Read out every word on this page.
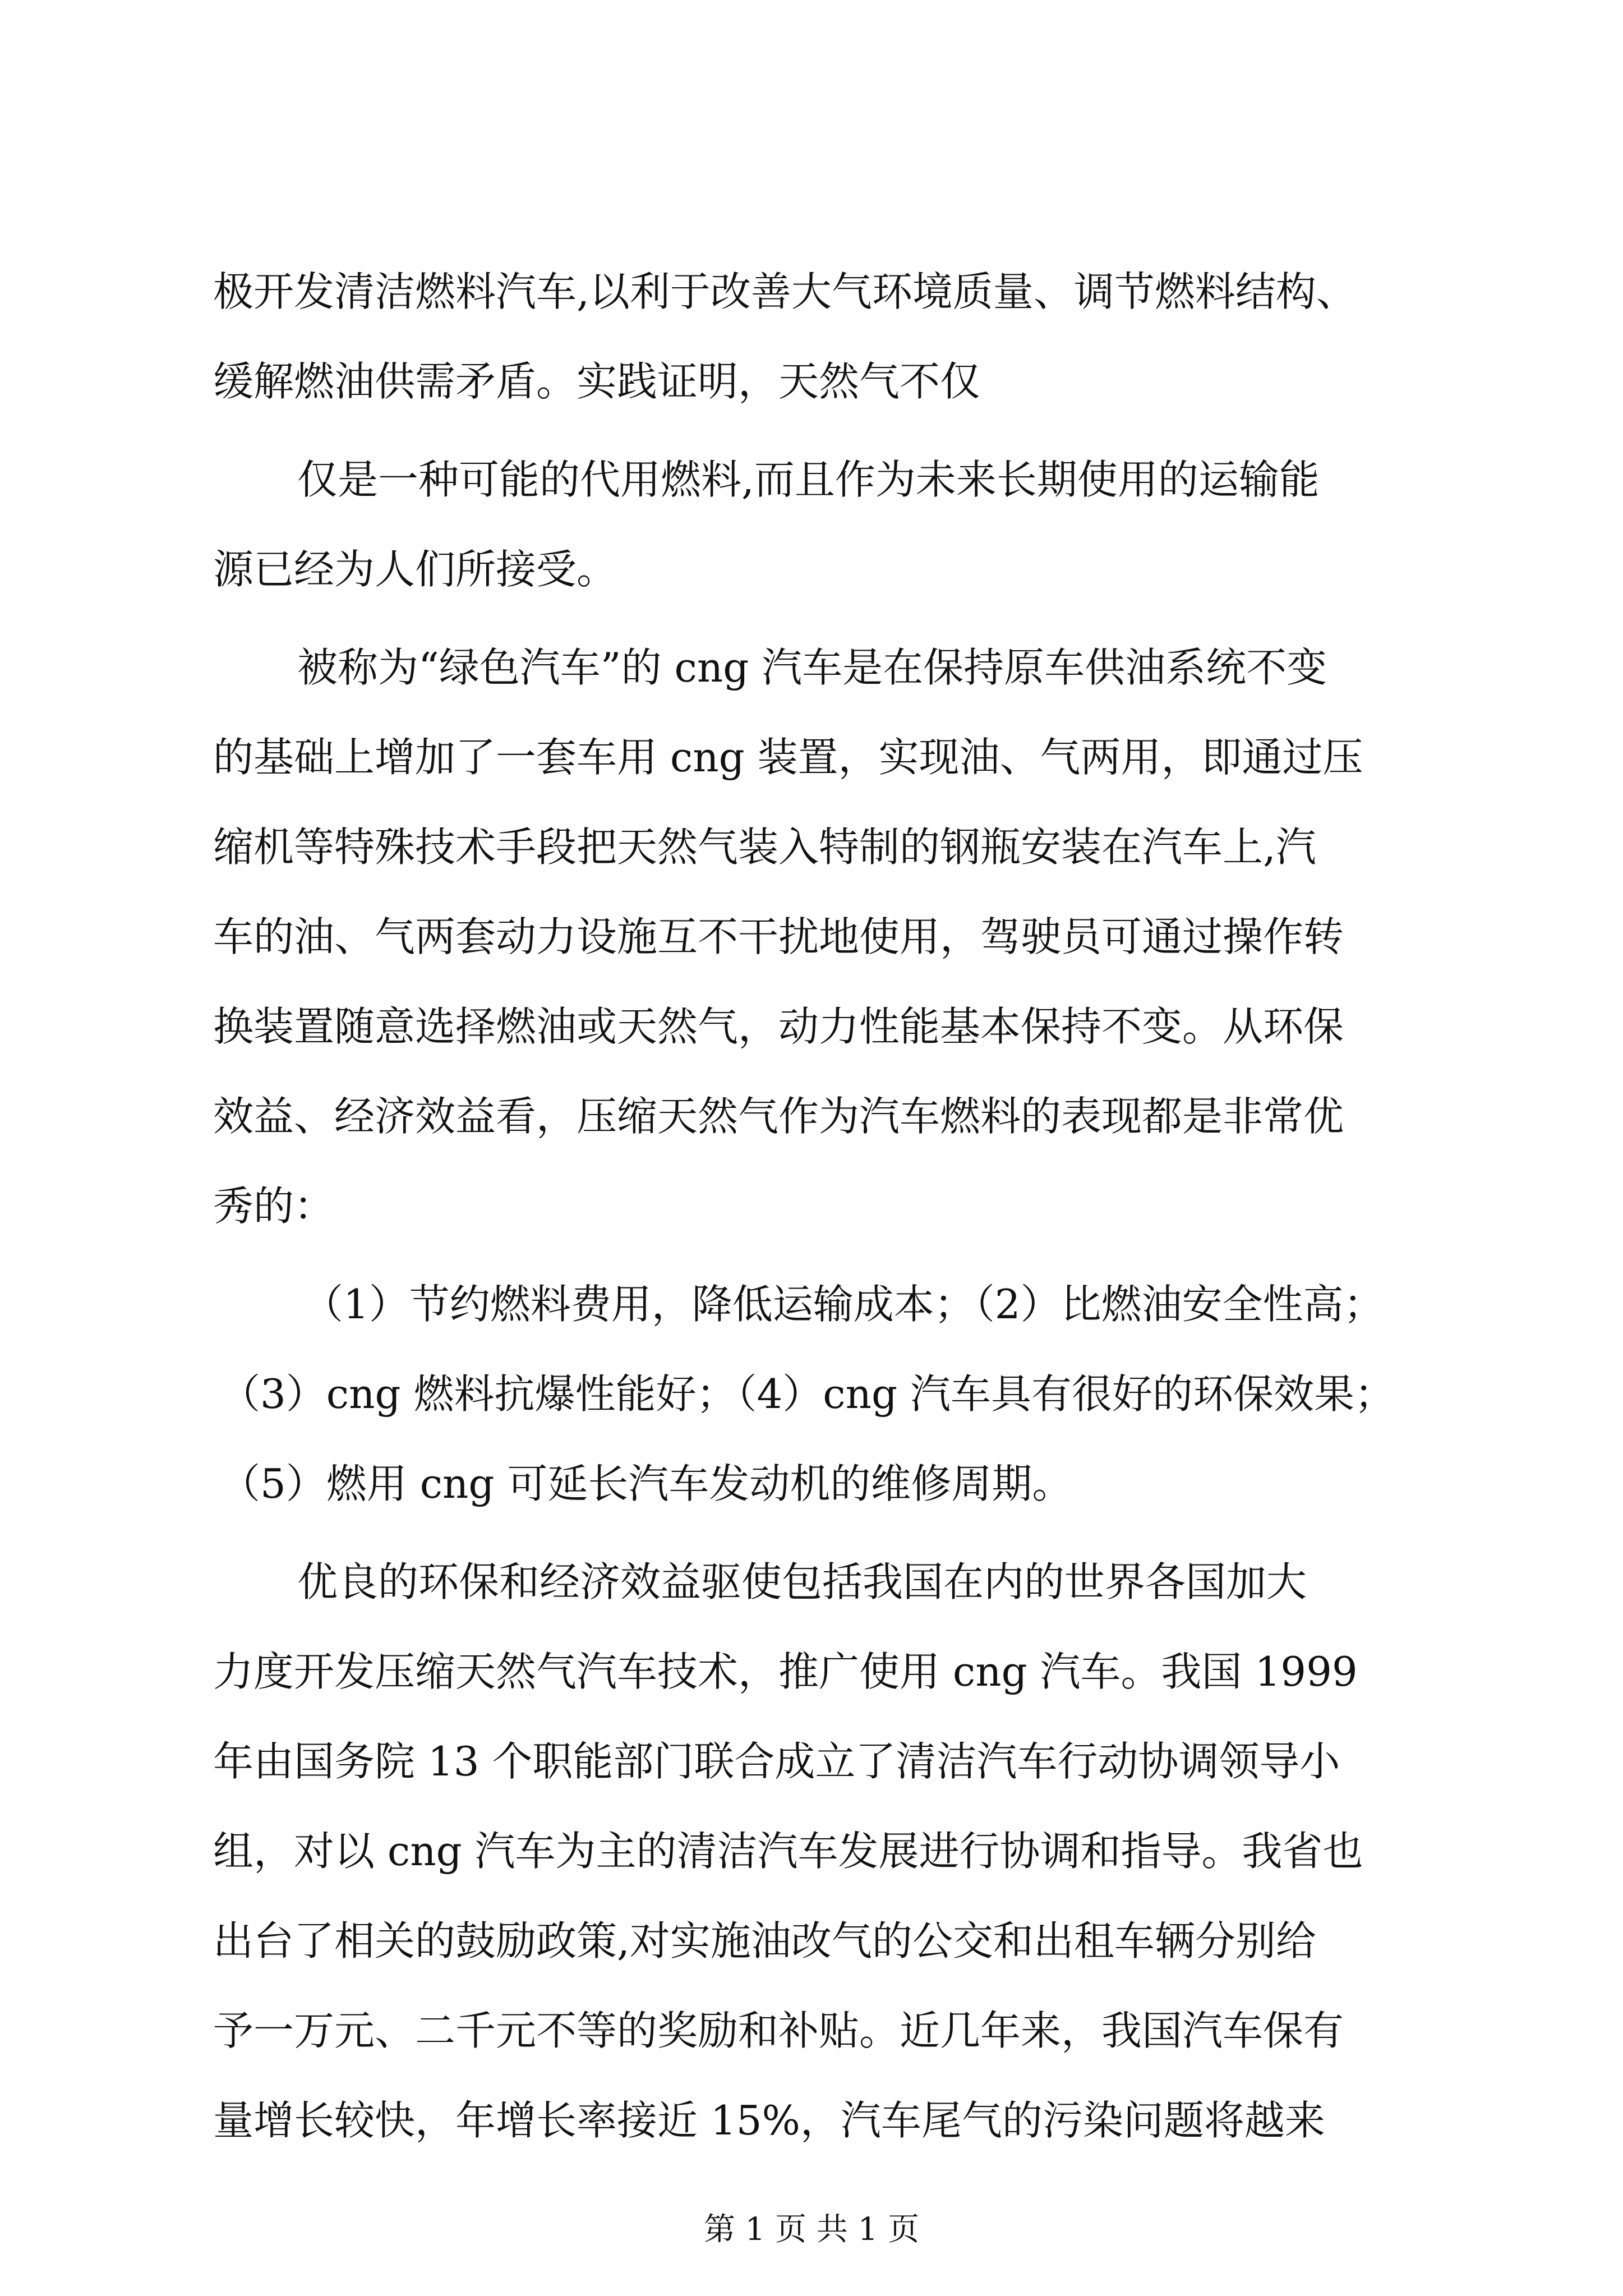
极开发清洁燃料汽车,以利于改善大气环境质量、调节燃料结构、

缓解燃油供需矛盾。实践证明，天然气不仅

仅是一种可能的代用燃料,而且作为未来长期使用的运输能

源已经为人们所接受。

被称为“绿色汽车”的 cng 汽车是在保持原车供油系统不变

的基础上增加了一套车用 cng 装置，实现油、气两用，即通过压

缩机等特殊技术手段把天然气装入特制的钢瓶安装在汽车上,汽

车的油、气两套动力设施互不干扰地使用，驾驶员可通过操作转

换装置随意选择燃油或天然气，动力性能基本保持不变。从环保

效益、经济效益看，压缩天然气作为汽车燃料的表现都是非常优

秀的：

（1）节约燃料费用，降低运输成本；（2）比燃油安全性高；

（3）cng 燃料抗爆性能好；（4）cng 汽车具有很好的环保效果；

（5）燃用 cng 可延长汽车发动机的维修周期。

优良的环保和经济效益驱使包括我国在内的世界各国加大

力度开发压缩天然气汽车技术，推广使用 cng 汽车。我国 1999

年由国务院 13 个职能部门联合成立了清洁汽车行动协调领导小

组，对以 cng 汽车为主的清洁汽车发展进行协调和指导。我省也

出台了相关的鼓励政策,对实施油改气的公交和出租车辆分别给

予一万元、二千元不等的奖励和补贴。近几年来，我国汽车保有

量增长较快，年增长率接近 15%，汽车尾气的污染问题将越来

第 1 页 共 1 页
